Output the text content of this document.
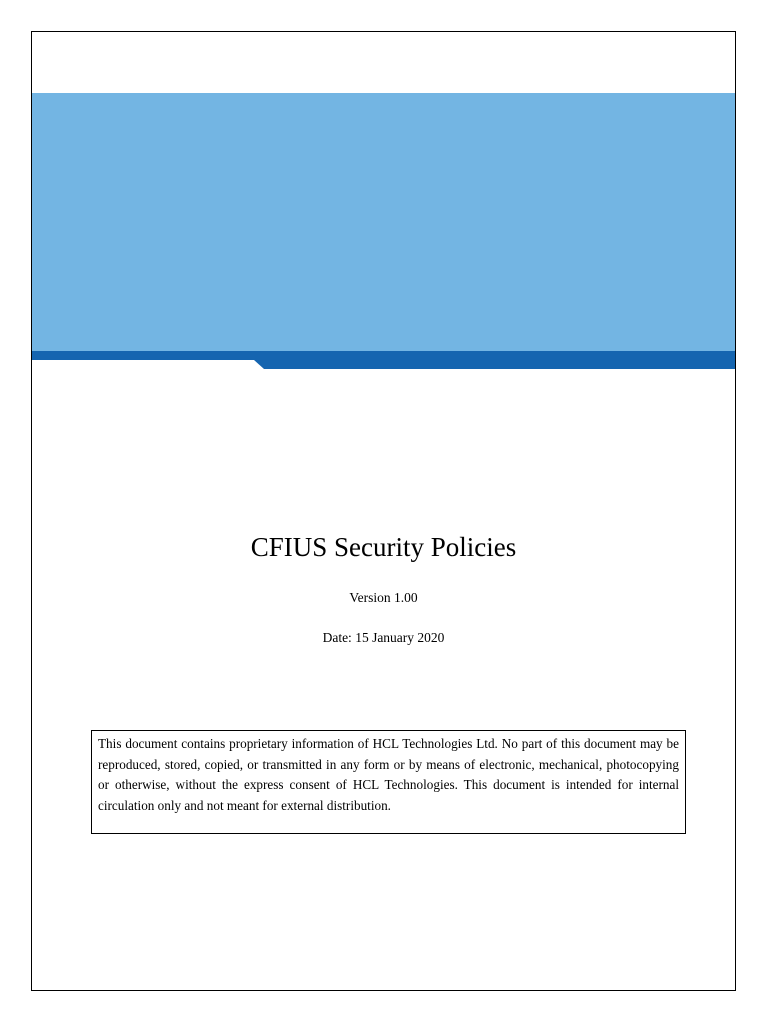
CFIUS Security Policies
Version 1.00
Date: 15 January 2020
This document contains proprietary information of HCL Technologies Ltd. No part of this document may be reproduced, stored, copied, or transmitted in any form or by means of electronic, mechanical, photocopying or otherwise, without the express consent of HCL Technologies. This document is intended for internal circulation only and not meant for external distribution.
